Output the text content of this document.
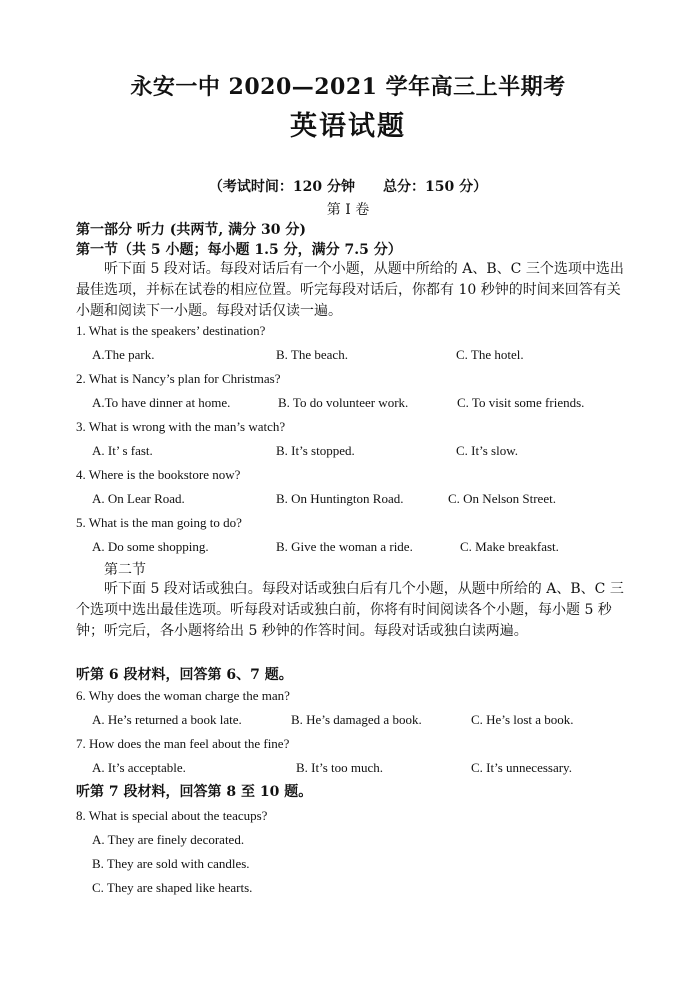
永安一中 2020—2021 学年高三上半期考
英语试题
（考试时间：120 分钟 总分：150 分）
第 I 卷
第一部分 听力 (共两节, 满分 30 分)
第一节（共 5 小题；每小题 1.5 分，满分 7.5 分）
听下面 5 段对话。每段对话后有一个小题，从题中所给的 A、B、C 三个选项中选出最佳选项，并标在试卷的相应位置。听完每段对话后，你都有 10 秒钟的时间来回答有关小题和阅读下一小题。每段对话仅读一遍。
1. What is the speakers’ destination?
A.The park.	B. The beach.	C. The hotel.
2. What is Nancy’s plan for Christmas?
A.To have dinner at home.	B. To do volunteer work.	C. To visit some friends.
3. What is wrong with the man’s watch?
A. It’ s fast.	B. It’s stopped.	C. It’s slow.
4. Where is the bookstore now?
A. On Lear Road.	B. On Huntington Road.	C. On Nelson Street.
5. What is the man going to do?
A. Do some shopping.	B. Give the woman a ride.	C. Make breakfast.
第二节
听下面 5 段对话或独白。每段对话或独白后有几个小题，从题中所给的 A、B、C 三个选项中选出最佳选项。听每段对话或独白前，你将有时间阅读各个小题，每小题 5 秒钟；听完后，各小题将给出 5 秒钟的作答时间。每段对话或独白读两遍。
听第 6 段材料，回答第 6、7 题。
6. Why does the woman charge the man?
A. He’s returned a book late.	B. He’s damaged a book.	C. He’s lost a book.
7. How does the man feel about the fine?
A. It’s acceptable.	B. It’s too much.	C. It’s unnecessary.
听第 7 段材料，回答第 8 至 10 题。
8. What is special about the teacups?
A. They are finely decorated.
B. They are sold with candles.
C. They are shaped like hearts.
